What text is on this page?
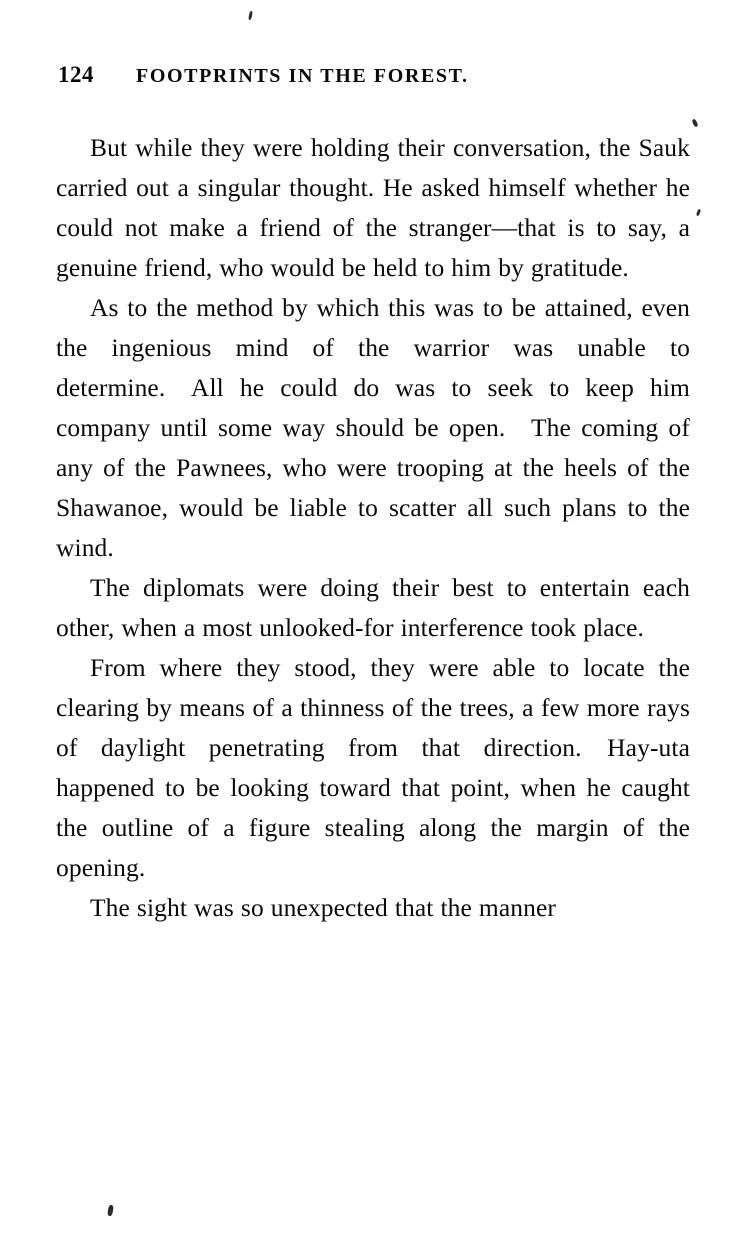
124 FOOTPRINTS IN THE FOREST.

But while they were holding their conversation, the Sauk carried out a singular thought. He asked himself whether he could not make a friend of the stranger—that is to say, a genuine friend, who would be held to him by gratitude.

As to the method by which this was to be attained, even the ingenious mind of the warrior was unable to determine. All he could do was to seek to keep him company until some way should be open. The coming of any of the Pawnees, who were trooping at the heels of the Shawanoe, would be liable to scatter all such plans to the wind.

The diplomats were doing their best to entertain each other, when a most unlooked-for interference took place.

From where they stood, they were able to locate the clearing by means of a thinness of the trees, a few more rays of daylight penetrating from that direction. Hay-uta happened to be looking toward that point, when he caught the outline of a figure stealing along the margin of the opening.

The sight was so unexpected that the manner
